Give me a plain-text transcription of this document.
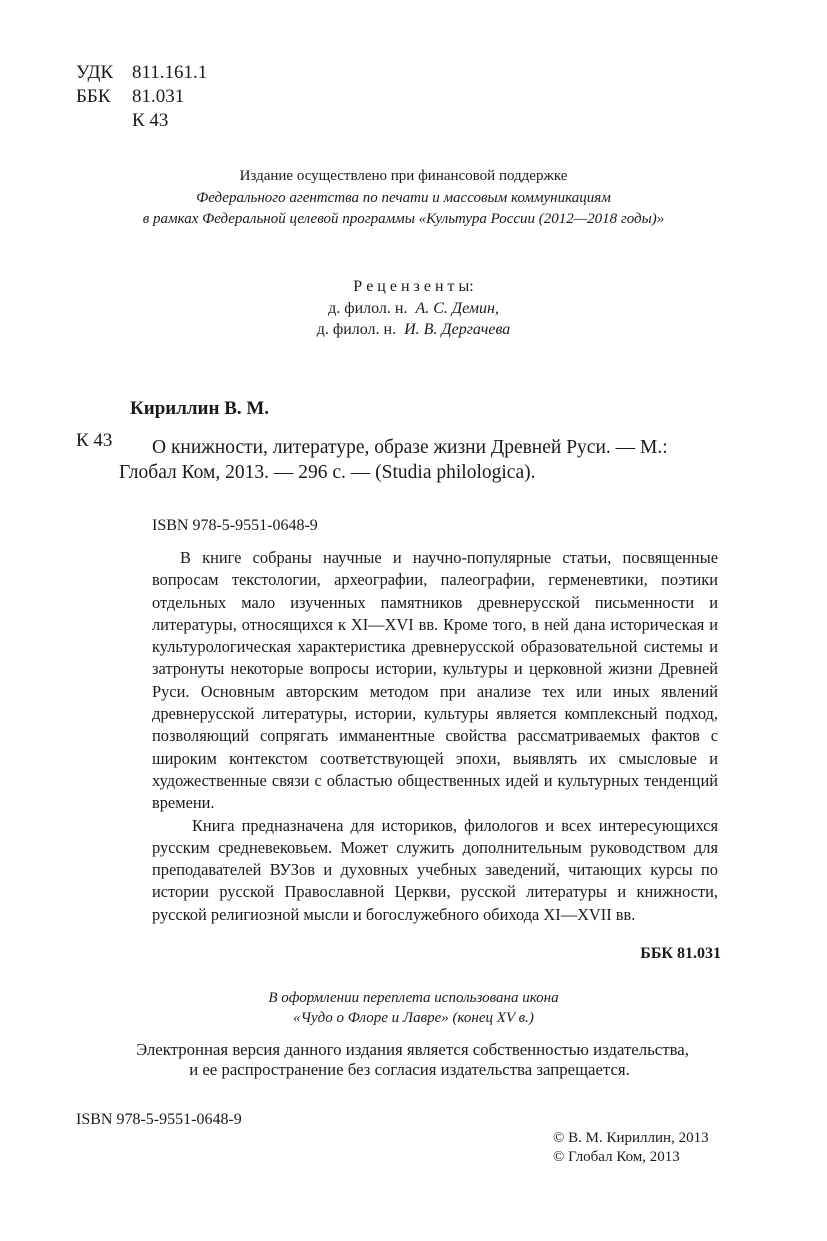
УДК 811.161.1
ББК 81.031
К 43
Издание осуществлено при финансовой поддержке
Федерального агентства по печати и массовым коммуникациям
в рамках Федеральной целевой программы «Культура России (2012—2018 годы)»
Р е ц е н з е н т ы:
д. филол. н. А. С. Демин,
д. филол. н. И. В. Дергачева
Кириллин В. М.
К 43 О книжности, литературе, образе жизни Древней Руси. — М.:
Глобал Ком, 2013. — 296 с. — (Studia philologica).
ISBN 978-5-9551-0648-9

В книге собраны научные и научно-популярные статьи, посвященные вопросам текстологии, археографии, палеографии, герменевтики, поэтики отдельных мало изученных памятников древнерусской письменности и литературы, относящихся к XI—XVI вв. Кроме того, в ней дана историческая и культурологическая характеристика древнерусской образовательной системы и затронуты некоторые вопросы истории, культуры и церковной жизни Древней Руси. Основным авторским методом при анализе тех или иных явлений древнерусской литературы, истории, культуры является комплексный подход, позволяющий сопрягать имманентные свойства рассматриваемых фактов с широким контекстом соответствующей эпохи, выявлять их смысловые и художественные связи с областью общественных идей и культурных тенденций времени.

Книга предназначена для историков, филологов и всех интересующихся русским средневековьем. Может служить дополнительным руководством для преподавателей ВУЗов и духовных учебных заведений, читающих курсы по истории русской Православной Церкви, русской литературы и книжности, русской религиозной мысли и богослужебного обихода XI—XVII вв.

ББК 81.031
В оформлении переплета использована икона
«Чудо о Флоре и Лавре» (конец XV в.)
Электронная версия данного издания является собственностью издательства,
и ее распространение без согласия издательства запрещается.
ISBN 978-5-9551-0648-9
© В. М. Кириллин, 2013
© Глобал Ком, 2013
